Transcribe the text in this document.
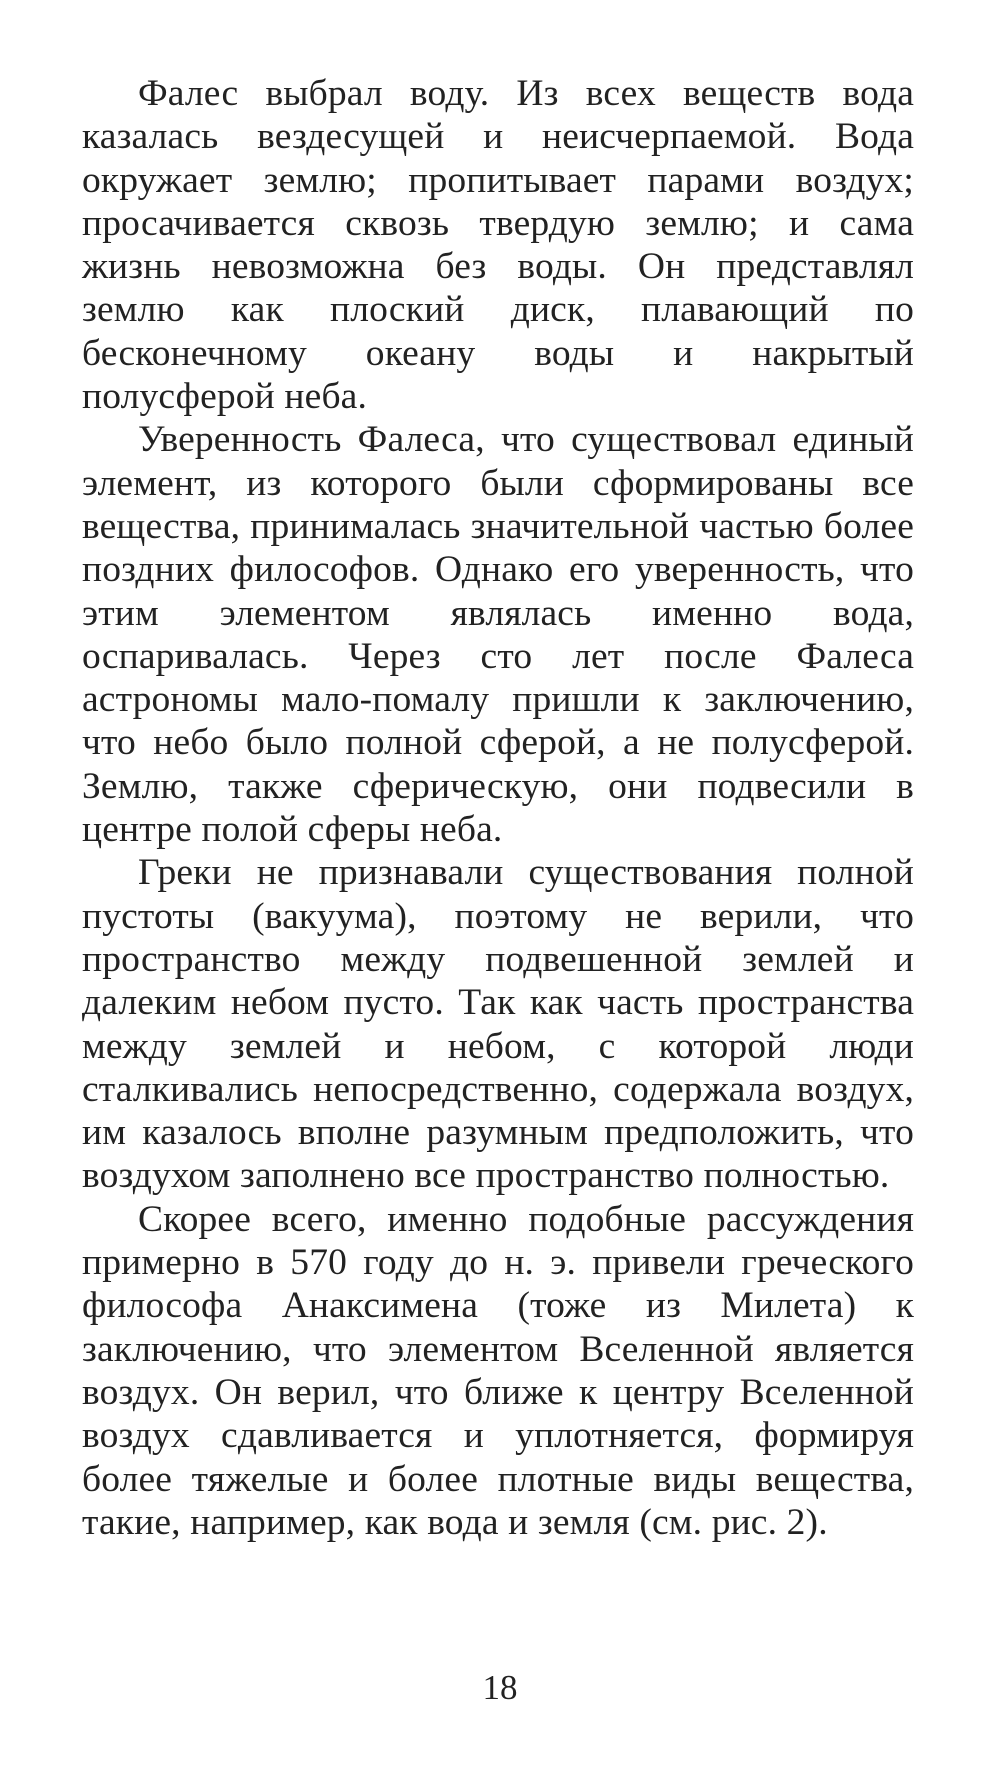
Фалес выбрал воду. Из всех веществ вода казалась вездесущей и неисчерпаемой. Вода окружает землю; пропитывает парами воздух; просачивается сквозь твердую землю; и сама жизнь невозможна без воды. Он представлял землю как плоский диск, плавающий по бесконечному океану воды и накрытый полусферой неба.

Уверенность Фалеса, что существовал единый элемент, из которого были сформированы все вещества, принималась значительной частью более поздних философов. Однако его уверенность, что этим элементом являлась именно вода, оспаривалась. Через сто лет после Фалеса астрономы мало-помалу пришли к заключению, что небо было полной сферой, а не полусферой. Землю, также сферическую, они подвесили в центре полой сферы неба.

Греки не признавали существования полной пустоты (вакуума), поэтому не верили, что пространство между подвешенной землей и далеким небом пусто. Так как часть пространства между землей и небом, с которой люди сталкивались непосредственно, содержала воздух, им казалось вполне разумным предположить, что воздухом заполнено все пространство полностью.

Скорее всего, именно подобные рассуждения примерно в 570 году до н. э. привели греческого философа Анаксимена (тоже из Милета) к заключению, что элементом Вселенной является воздух. Он верил, что ближе к центру Вселенной воздух сдавливается и уплотняется, формируя более тяжелые и более плотные виды вещества, такие, например, как вода и земля (см. рис. 2).

18
